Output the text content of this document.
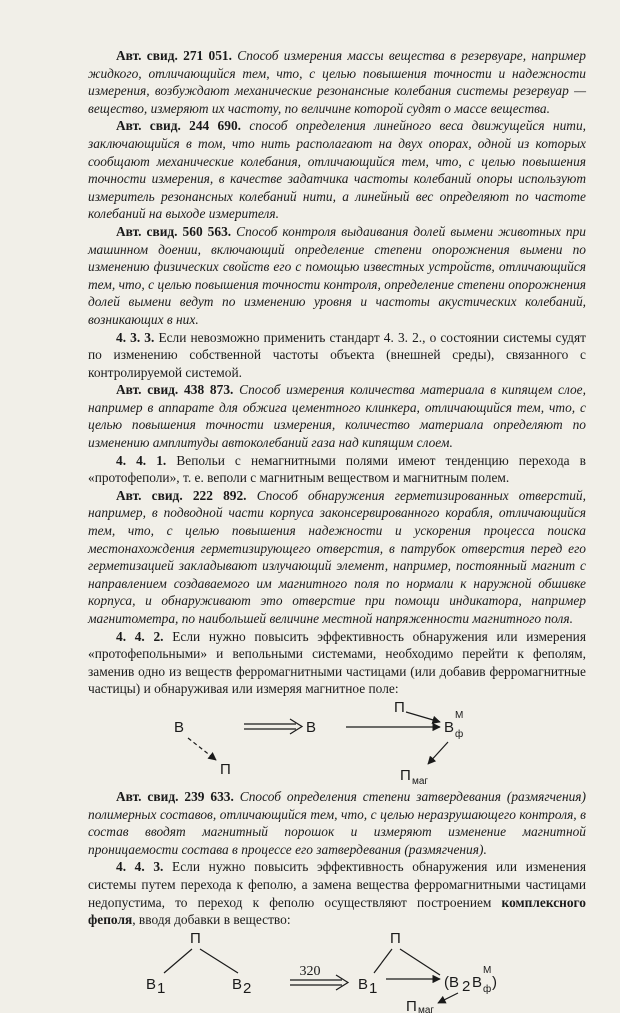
Авт. свид. 271 051. Способ измерения массы вещества в резервуаре, например жидкого, отличающийся тем, что, с целью повышения точности и надежности измерения, возбуждают механические резонансные колебания системы резервуар — вещество, измеряют их частоту, по величине которой судят о массе вещества.

Авт. свид. 244 690. способ определения линейного веса движущейся нити, заключающийся в том, что нить располагают на двух опорах, одной из которых сообщают механические колебания, отличающийся тем, что, с целью повышения точности измерения, в качестве задатчика частоты колебаний опоры используют измеритель резонансных колебаний нити, а линейный вес определяют по частоте колебаний на выходе измерителя.

Авт. свид. 560 563. Способ контроля выдаивания долей вымени животных при машинном доении, включающий определение степени опорожнения вымени по изменению физических свойств его с помощью известных устройств, отличающийся тем, что, с целью повышения точности контроля, определение степени опорожнения долей вымени ведут по изменению уровня и частоты акустических колебаний, возникающих в них.

4. 3. 3. Если невозможно применить стандарт 4. 3. 2., о состоянии системы судят по изменению собственной частоты объекта (внешней среды), связанного с контролируемой системой.

Авт. свид. 438 873. Способ измерения количества материала в кипящем слое, например в аппарате для обжига цементного клинкера, отличающийся тем, что, с целью повышения точности измерения, количество материала определяют по изменению амплитуды автоколебаний газа над кипящим слоем.

4. 4. 1. Вепольи с немагнитными полями имеют тенденцию перехода в «протофеполи», т. е. веполи с магнитным веществом и магнитным полем.

Авт. свид. 222 892. Способ обнаружения герметизированных отверстий, например, в подводной части корпуса законсервированного корабля, отличающийся тем, что, с целью повышения надежности и ускорения процесса поиска местонахождения герметизирующего отверстия, в патрубок отверстия перед его герметизацией закладывают излучающий элемент, например, постоянный магнит с направлением создаваемого им магнитного поля по нормали к наружной обшивке корпуса, и обнаруживают это отверстие при помощи индикатора, например магнитометра, по наибольшей величине местной напряженности магнитного поля.

4. 4. 2. Если нужно повысить эффективность обнаружения или измерения «протофепольными» и вепольными системами, необходимо перейти к феполям, заменив одно из веществ ферромагнитными частицами (или добавив ферромагнитные частицы) и обнаруживая или измеряя магнитное поле:

В
П
В
П
В
М
ф
П маг

Авт. свид. 239 633. Способ определения степени затвердевания (размягчения) полимерных составов, отличающийся тем, что, с целью неразрушающего контроля, в состав вводят магнитный порошок и измеряют изменение магнитной проницаемости состава в процессе его затвердевания (размягчения).

4. 4. 3. Если нужно повысить эффективность обнаружения или изменения системы путем перехода к феполю, а замена вещества ферромагнитными частицами недопустима, то переход к феполю осуществляют построением комплексного феполя, вводя добавки в вещество:

П
В 1	В 2
П
В 1	(В 2 В
М
ф )
П маг
320
